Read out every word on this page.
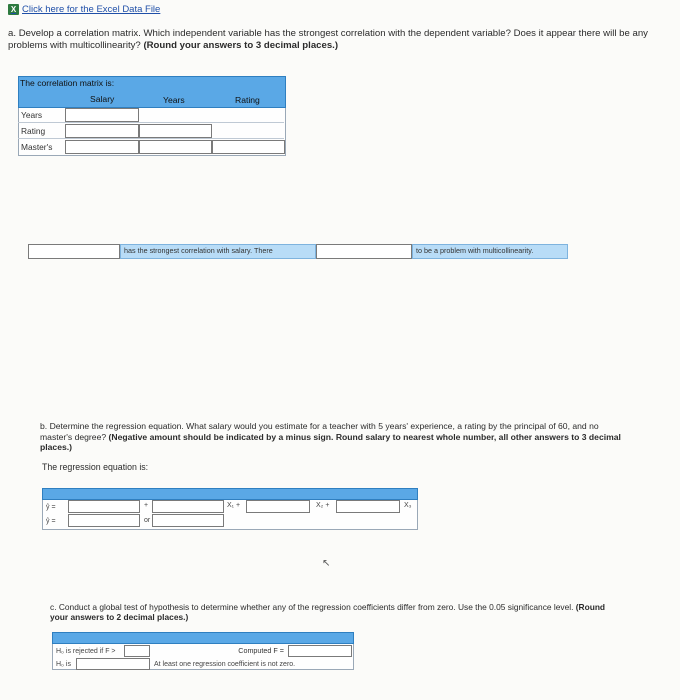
X Click here for the Excel Data File
a. Develop a correlation matrix. Which independent variable has the strongest correlation with the dependent variable? Does it appear there will be any problems with multicollinearity? (Round your answers to 3 decimal places.)
The correlation matrix is:
Salary	Years	Rating
Years
Rating
Master's
has the strongest correlation with salary. There	to be a problem with multicollinearity.
b. Determine the regression equation. What salary would you estimate for a teacher with 5 years' experience, a rating by the principal of 60, and no master's degree? (Negative amount should be indicated by a minus sign. Round salary to nearest whole number, all other answers to 3 decimal places.)
The regression equation is:
ŷ =	+	X₁ +	X₂ +	X₃
ŷ =	or
↖
c. Conduct a global test of hypothesis to determine whether any of the regression coefficients differ from zero. Use the 0.05 significance level. (Round your answers to 2 decimal places.)
H₀ is rejected if F >	Computed F =
H₀ is	At least one regression coefficient is not zero.
